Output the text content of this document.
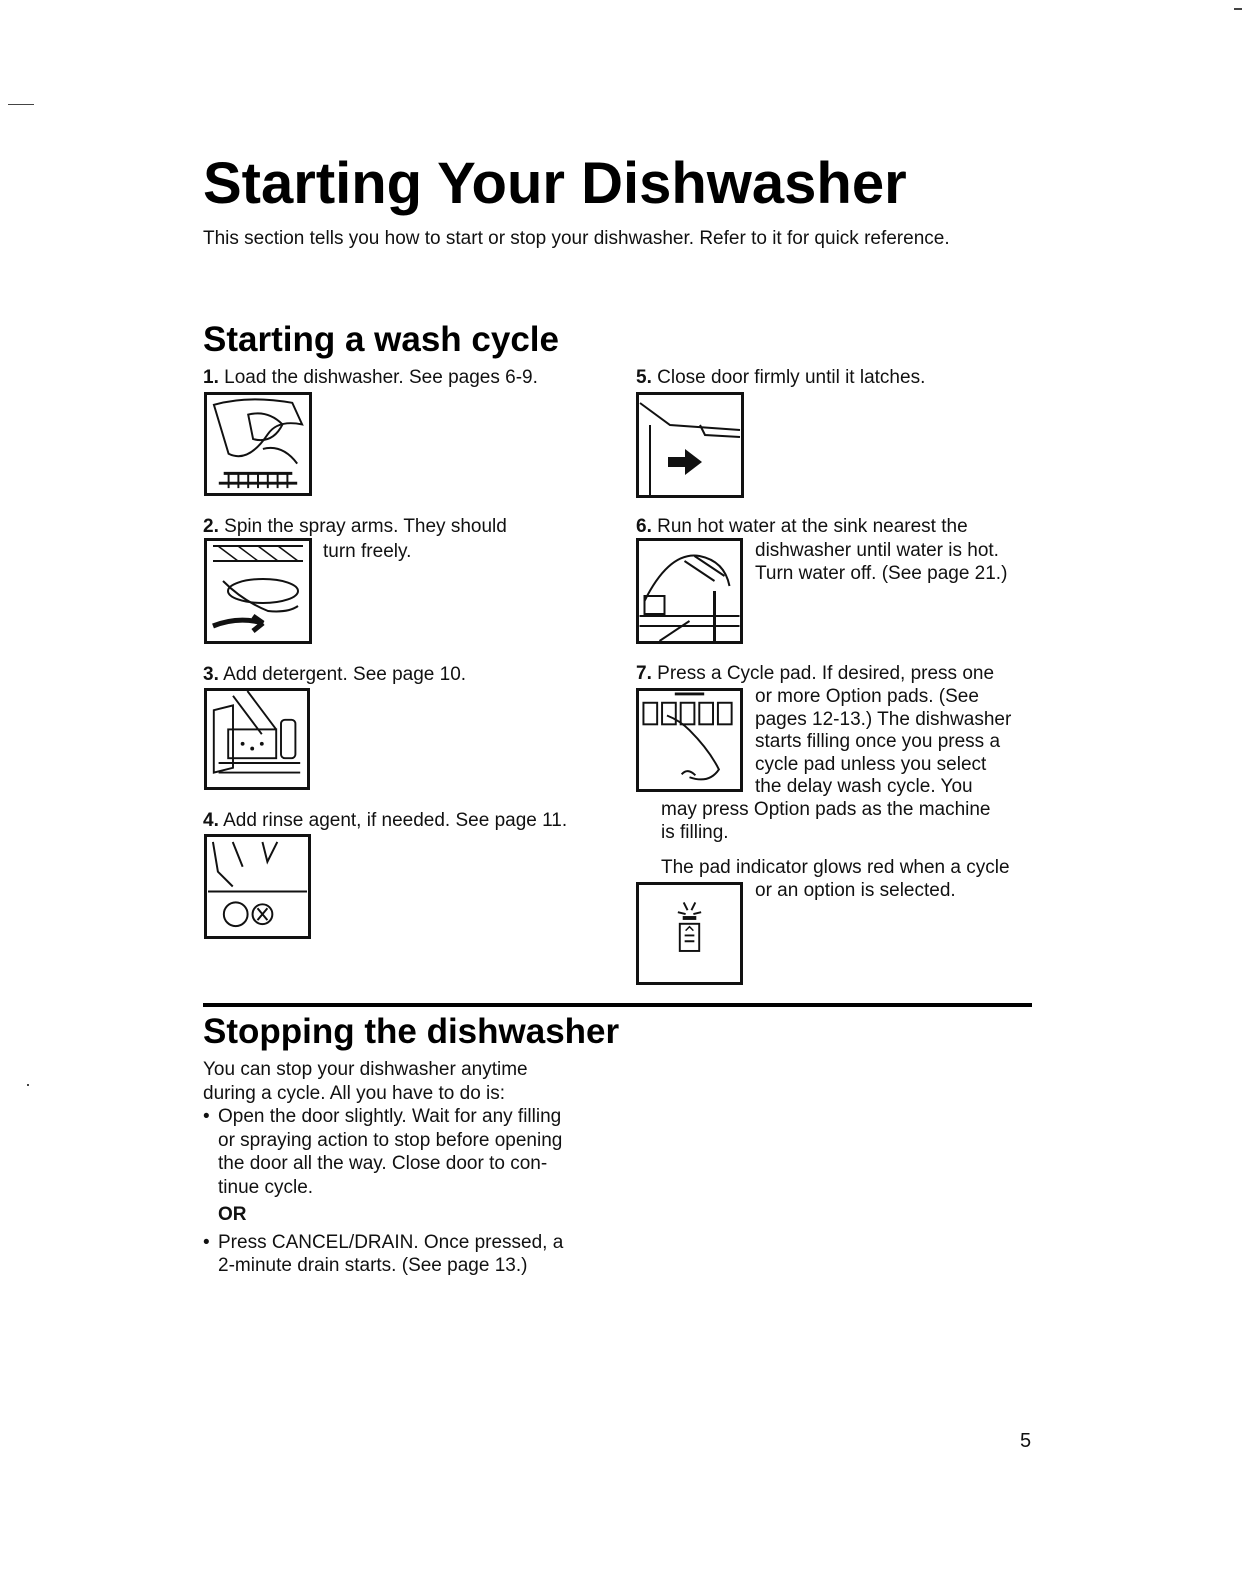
Starting Your Dishwasher
This section tells you how to start or stop your dishwasher. Refer to it for quick reference.
Starting a wash cycle
1. Load the dishwasher. See pages 6-9.
2. Spin the spray arms. They should
turn freely.
3. Add detergent. See page 10.
4. Add rinse agent, if needed. See page 11.
5. Close door firmly until it latches.
6. Run hot water at the sink nearest the
dishwasher until water is hot.
Turn water off. (See page 21.)
7. Press a Cycle pad. If desired, press one
or more Option pads. (See
pages 12-13.) The dishwasher
starts filling once you press a
cycle pad unless you select
the delay wash cycle. You
may press Option pads as the machine
is filling.
The pad indicator glows red when a cycle
or an option is selected.
Stopping the dishwasher
You can stop your dishwasher anytime
during a cycle. All you have to do is:
• Open the door slightly. Wait for any filling
or spraying action to stop before opening
the door all the way. Close door to con-
tinue cycle.
OR
• Press CANCEL/DRAIN. Once pressed, a
2-minute drain starts. (See page 13.)
5
